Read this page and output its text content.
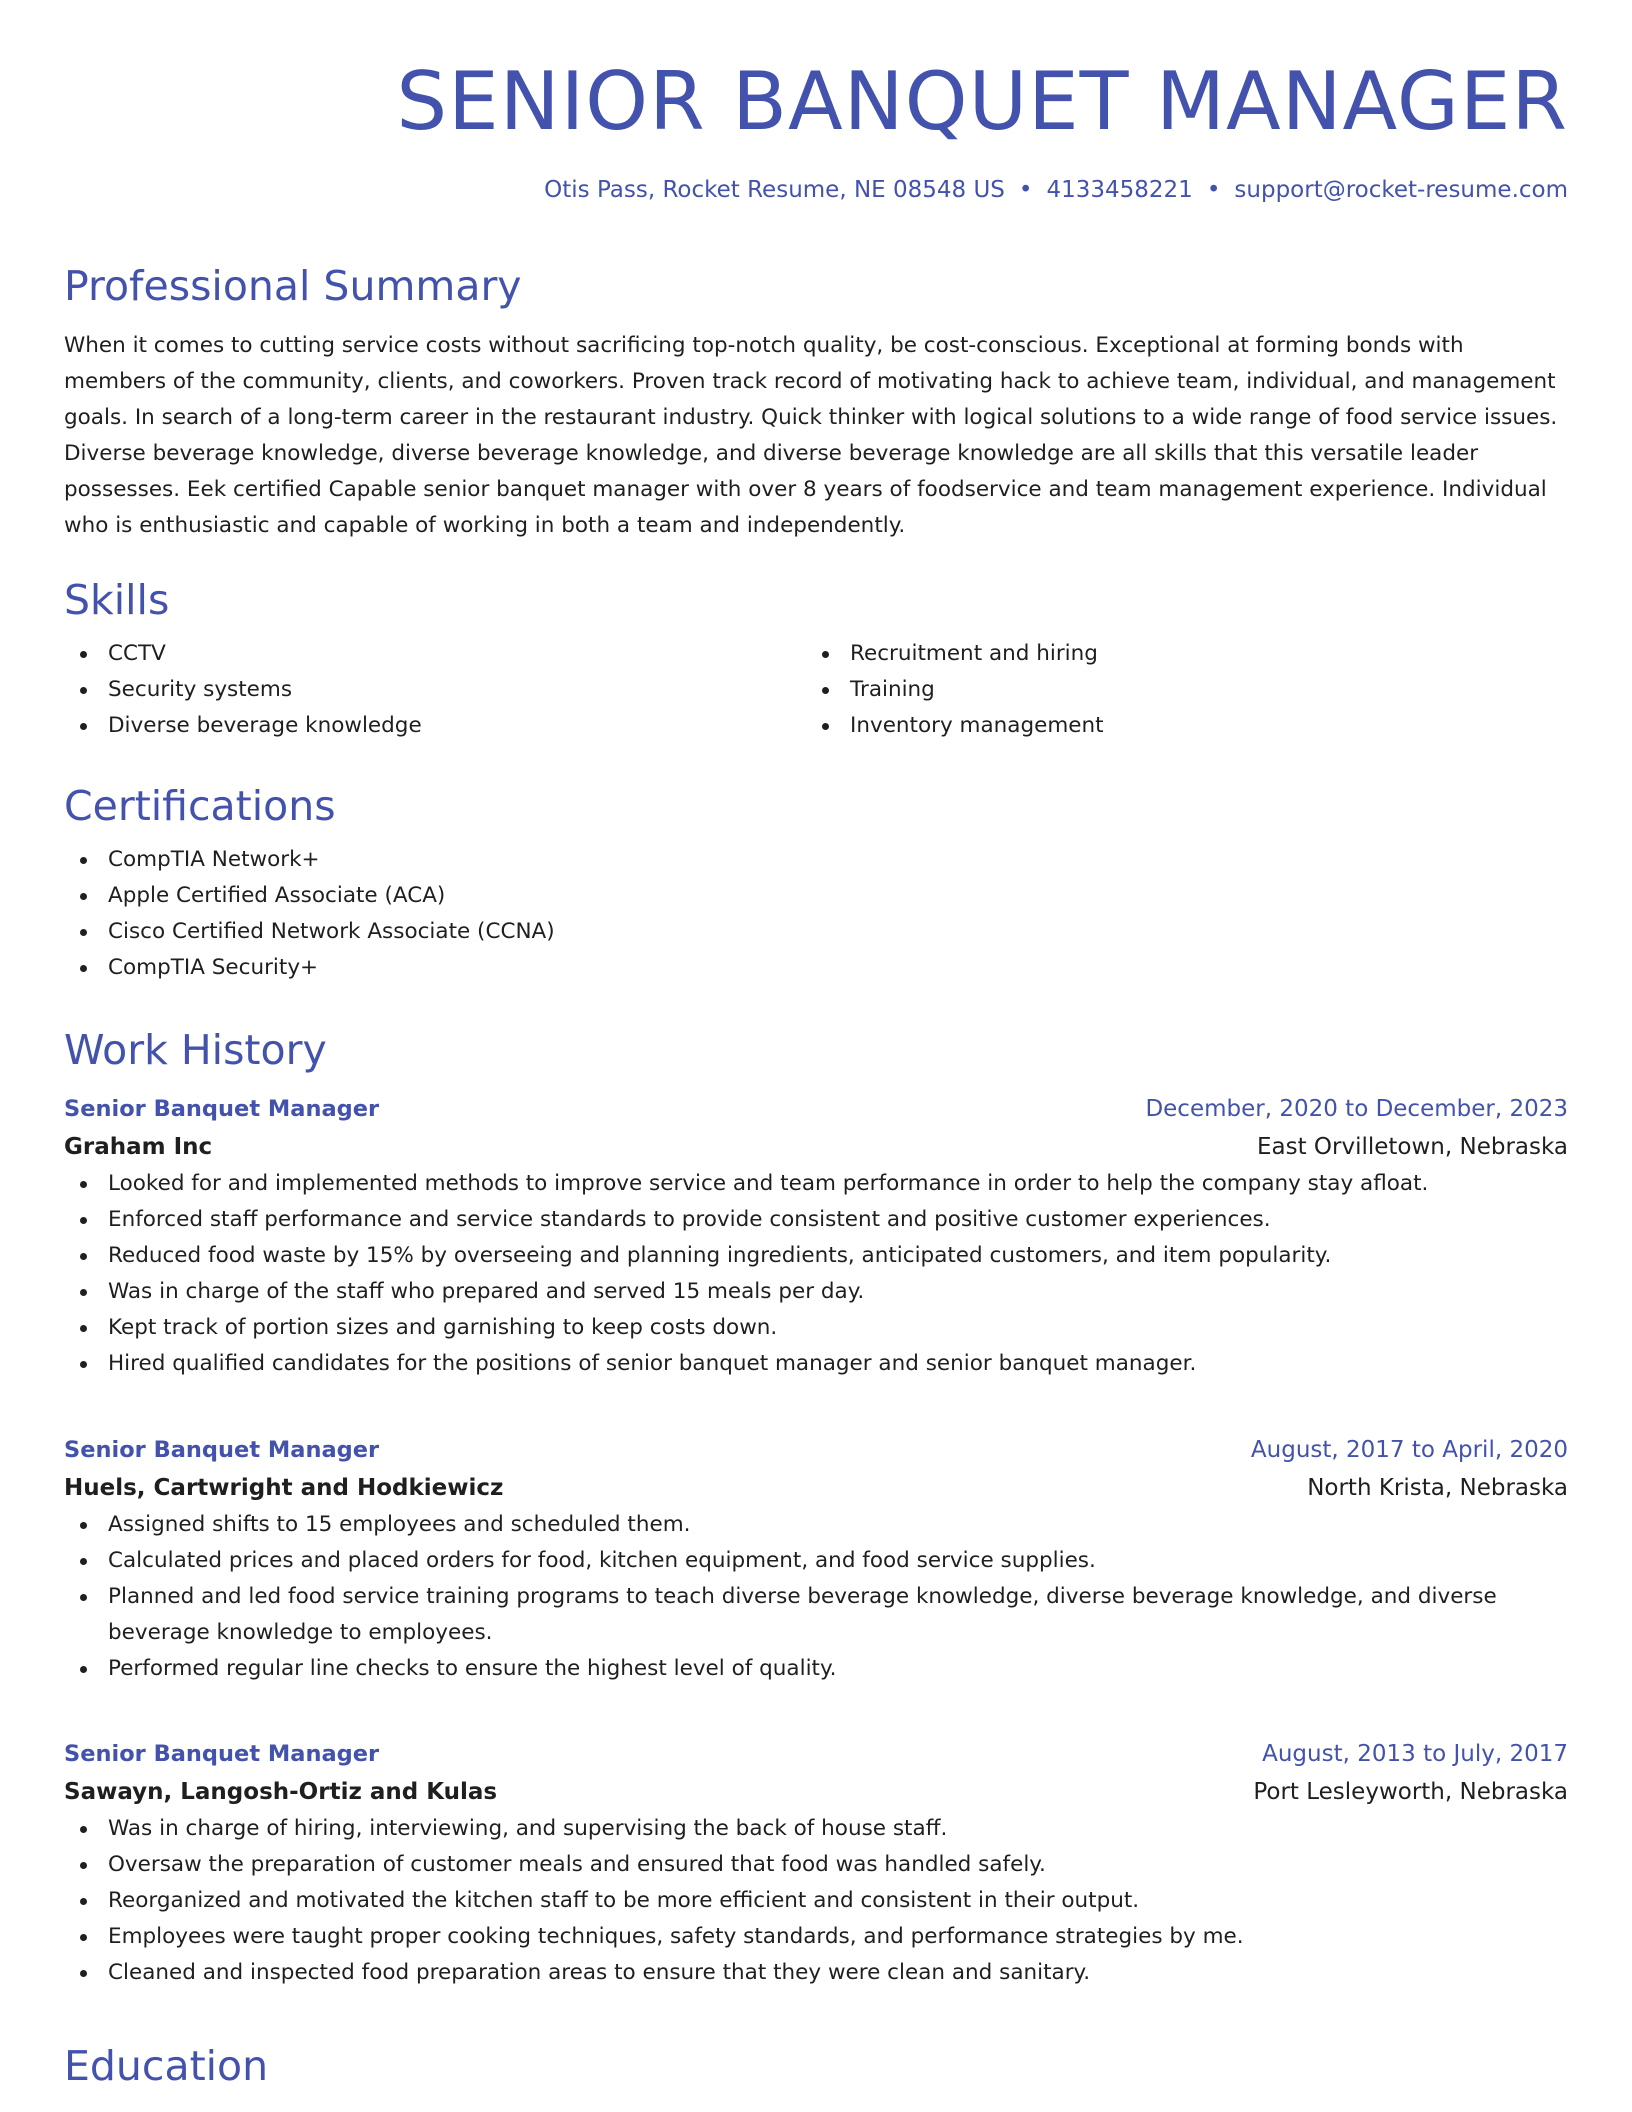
SENIOR BANQUET MANAGER
Otis Pass, Rocket Resume, NE 08548 US • 4133458221 • support@rocket-resume.com
Professional Summary

When it comes to cutting service costs without sacrificing top-notch quality, be cost-conscious. Exceptional at forming bonds with members of the community, clients, and coworkers. Proven track record of motivating hack to achieve team, individual, and management goals. In search of a long-term career in the restaurant industry. Quick thinker with logical solutions to a wide range of food service issues. Diverse beverage knowledge, diverse beverage knowledge, and diverse beverage knowledge are all skills that this versatile leader possesses. Eek certified Capable senior banquet manager with over 8 years of foodservice and team management experience. Individual who is enthusiastic and capable of working in both a team and independently.

Skills
CCTV
Security systems
Diverse beverage knowledge
Recruitment and hiring
Training
Inventory management
Certifications
CompTIA Network+
Apple Certified Associate (ACA)
Cisco Certified Network Associate (CCNA)
CompTIA Security+
Work History
Senior Banquet Manager	December, 2020 to December, 2023
Graham Inc	East Orvilletown, Nebraska
Looked for and implemented methods to improve service and team performance in order to help the company stay afloat.
Enforced staff performance and service standards to provide consistent and positive customer experiences.
Reduced food waste by 15% by overseeing and planning ingredients, anticipated customers, and item popularity.
Was in charge of the staff who prepared and served 15 meals per day.
Kept track of portion sizes and garnishing to keep costs down.
Hired qualified candidates for the positions of senior banquet manager and senior banquet manager.
Senior Banquet Manager	August, 2017 to April, 2020
Huels, Cartwright and Hodkiewicz	North Krista, Nebraska
Assigned shifts to 15 employees and scheduled them.
Calculated prices and placed orders for food, kitchen equipment, and food service supplies.
Planned and led food service training programs to teach diverse beverage knowledge, diverse beverage knowledge, and diverse beverage knowledge to employees.
Performed regular line checks to ensure the highest level of quality.
Senior Banquet Manager	August, 2013 to July, 2017
Sawayn, Langosh-Ortiz and Kulas	Port Lesleyworth, Nebraska
Was in charge of hiring, interviewing, and supervising the back of house staff.
Oversaw the preparation of customer meals and ensured that food was handled safely.
Reorganized and motivated the kitchen staff to be more efficient and consistent in their output.
Employees were taught proper cooking techniques, safety standards, and performance strategies by me.
Cleaned and inspected food preparation areas to ensure that they were clean and sanitary.
Education
